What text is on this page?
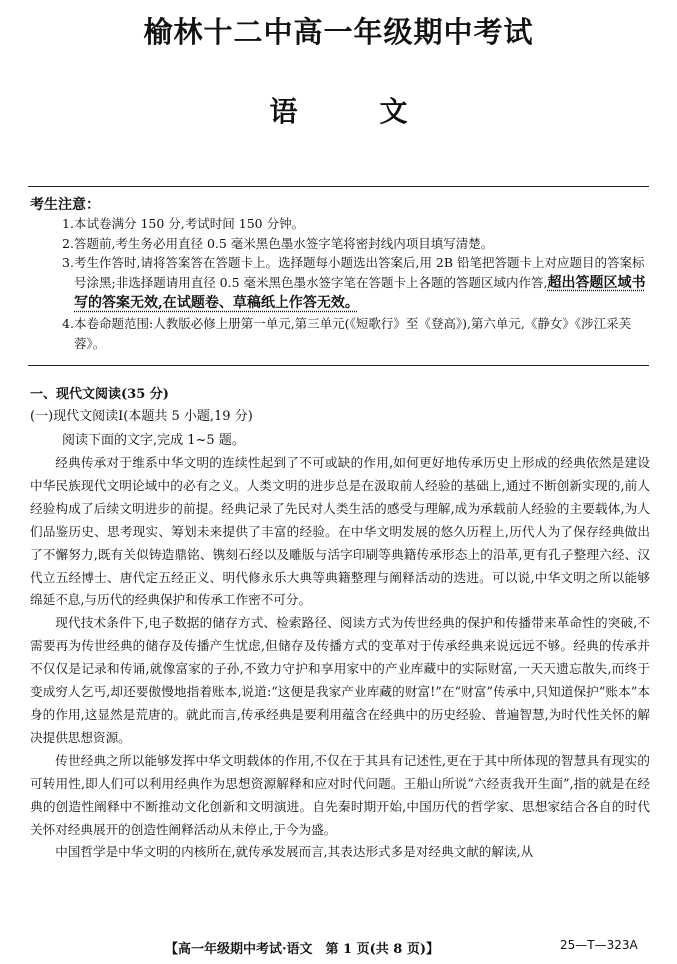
榆林十二中高一年级期中考试
语	文
考生注意：
1. 本试卷满分 150 分,考试时间 150 分钟。
2. 答题前,考生务必用直径 0.5 毫米黑色墨水签字笔将密封线内项目填写清楚。
3. 考生作答时,请将答案答在答题卡上。选择题每小题选出答案后,用 2B 铅笔把答题卡上对应题目的答案标号涂黑;非选择题请用直径 0.5 毫米黑色墨水签字笔在答题卡上各题的答题区域内作答,超出答题区域书写的答案无效,在试题卷、草稿纸上作答无效。
4. 本卷命题范围:人教版必修上册第一单元,第三单元(《短歌行》至《登高》),第六单元,《静女》《涉江采芙蓉》。
一、现代文阅读(35 分)
(一)现代文阅读Ⅰ(本题共 5 小题,19 分)
阅读下面的文字,完成 1~5 题。

经典传承对于维系中华文明的连续性起到了不可或缺的作用,如何更好地传承历史上形成的经典依然是建设中华民族现代文明论域中的必有之义。人类文明的进步总是在汲取前人经验的基础上,通过不断创新实现的,前人经验构成了后续文明进步的前提。经典记录了先民对人类生活的感受与理解,成为承载前人经验的主要载体,为人们品鉴历史、思考现实、筹划未来提供了丰富的经验。在中华文明发展的悠久历程上,历代人为了保存经典做出了不懈努力,既有关似铸造鼎铭、镌刻石经以及雕版与活字印刷等典籍传承形态上的沿革,更有孔子整理六经、汉代立五经博士、唐代定五经正义、明代修永乐大典等典籍整理与阐释活动的迭进。可以说,中华文明之所以能够绵延不息,与历代的经典保护和传承工作密不可分。

现代技术条件下,电子数据的储存方式、检索路径、阅读方式为传世经典的保护和传播带来革命性的突破,不需要再为传世经典的储存及传播产生忧虑,但储存及传播方式的变革对于传承经典来说远远不够。经典的传承并不仅仅是记录和传诵,就像富家的子孙,不致力守护和享用家中的产业库藏中的实际财富,一天天遗忘散失,而终于变成穷人乞丐,却还要傲慢地指着账本,说道:“这便是我家产业库藏的财富!”在“财富”传承中,只知道保护“账本”本身的作用,这显然是荒唐的。就此而言,传承经典是要利用蕴含在经典中的历史经验、普遍智慧,为时代性关怀的解决提供思想资源。

传世经典之所以能够发挥中华文明载体的作用,不仅在于其具有记述性,更在于其中所体现的智慧具有现实的可转用性,即人们可以利用经典作为思想资源解释和应对时代问题。王船山所说“六经责我开生面”,指的就是在经典的创造性阐释中不断推动文化创新和文明演进。自先秦时期开始,中国历代的哲学家、思想家结合各自的时代关怀对经典展开的创造性阐释活动从未停止,于今为盛。

中国哲学是中华文明的内核所在,就传承发展而言,其表达形式多是对经典文献的解读,从

【高一年级期中考试·语文　第 1 页(共 8 页)】	25—T—323A
